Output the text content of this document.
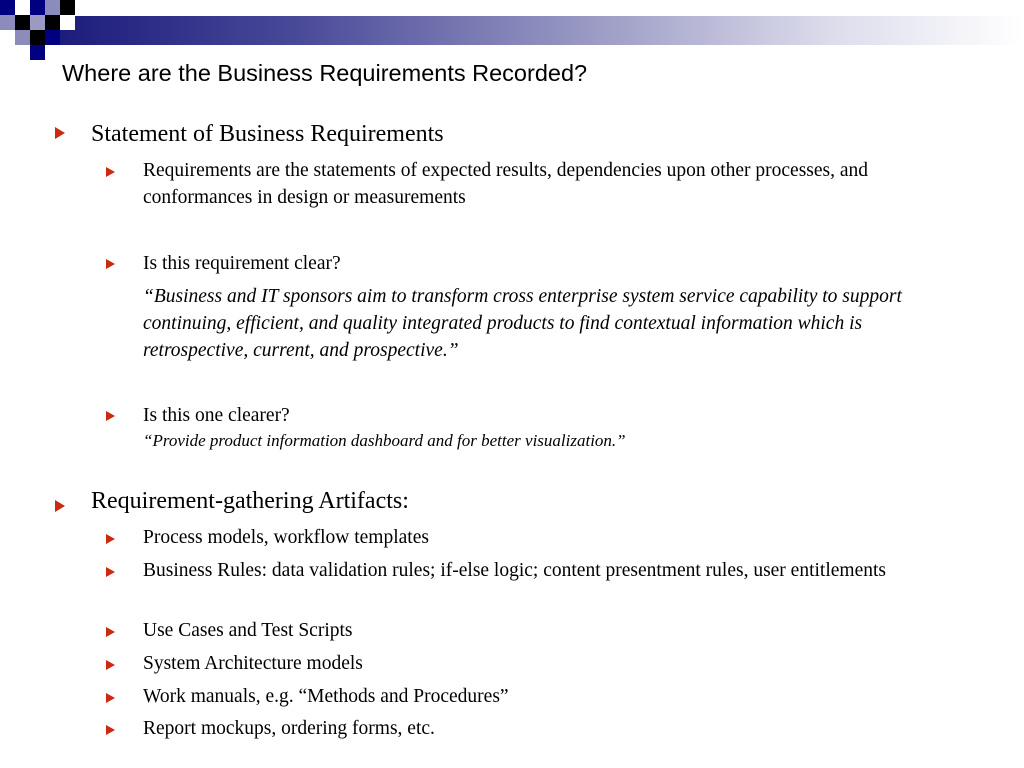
Where are the Business Requirements Recorded?
Statement of Business Requirements
Requirements are the statements of expected results, dependencies upon other processes, and conformances in design or measurements
Is this requirement clear?
“Business and IT sponsors aim to transform cross enterprise system service capability to support continuing, efficient, and quality integrated products to find contextual information which is retrospective, current, and prospective.”
Is this one clearer?
“Provide product information dashboard and for better visualization.”
Requirement-gathering Artifacts:
Process models, workflow templates
Business Rules: data validation rules; if-else logic; content presentment rules, user entitlements
Use Cases and Test Scripts
System Architecture models
Work manuals, e.g. “Methods and Procedures”
Report mockups, ordering forms, etc.
